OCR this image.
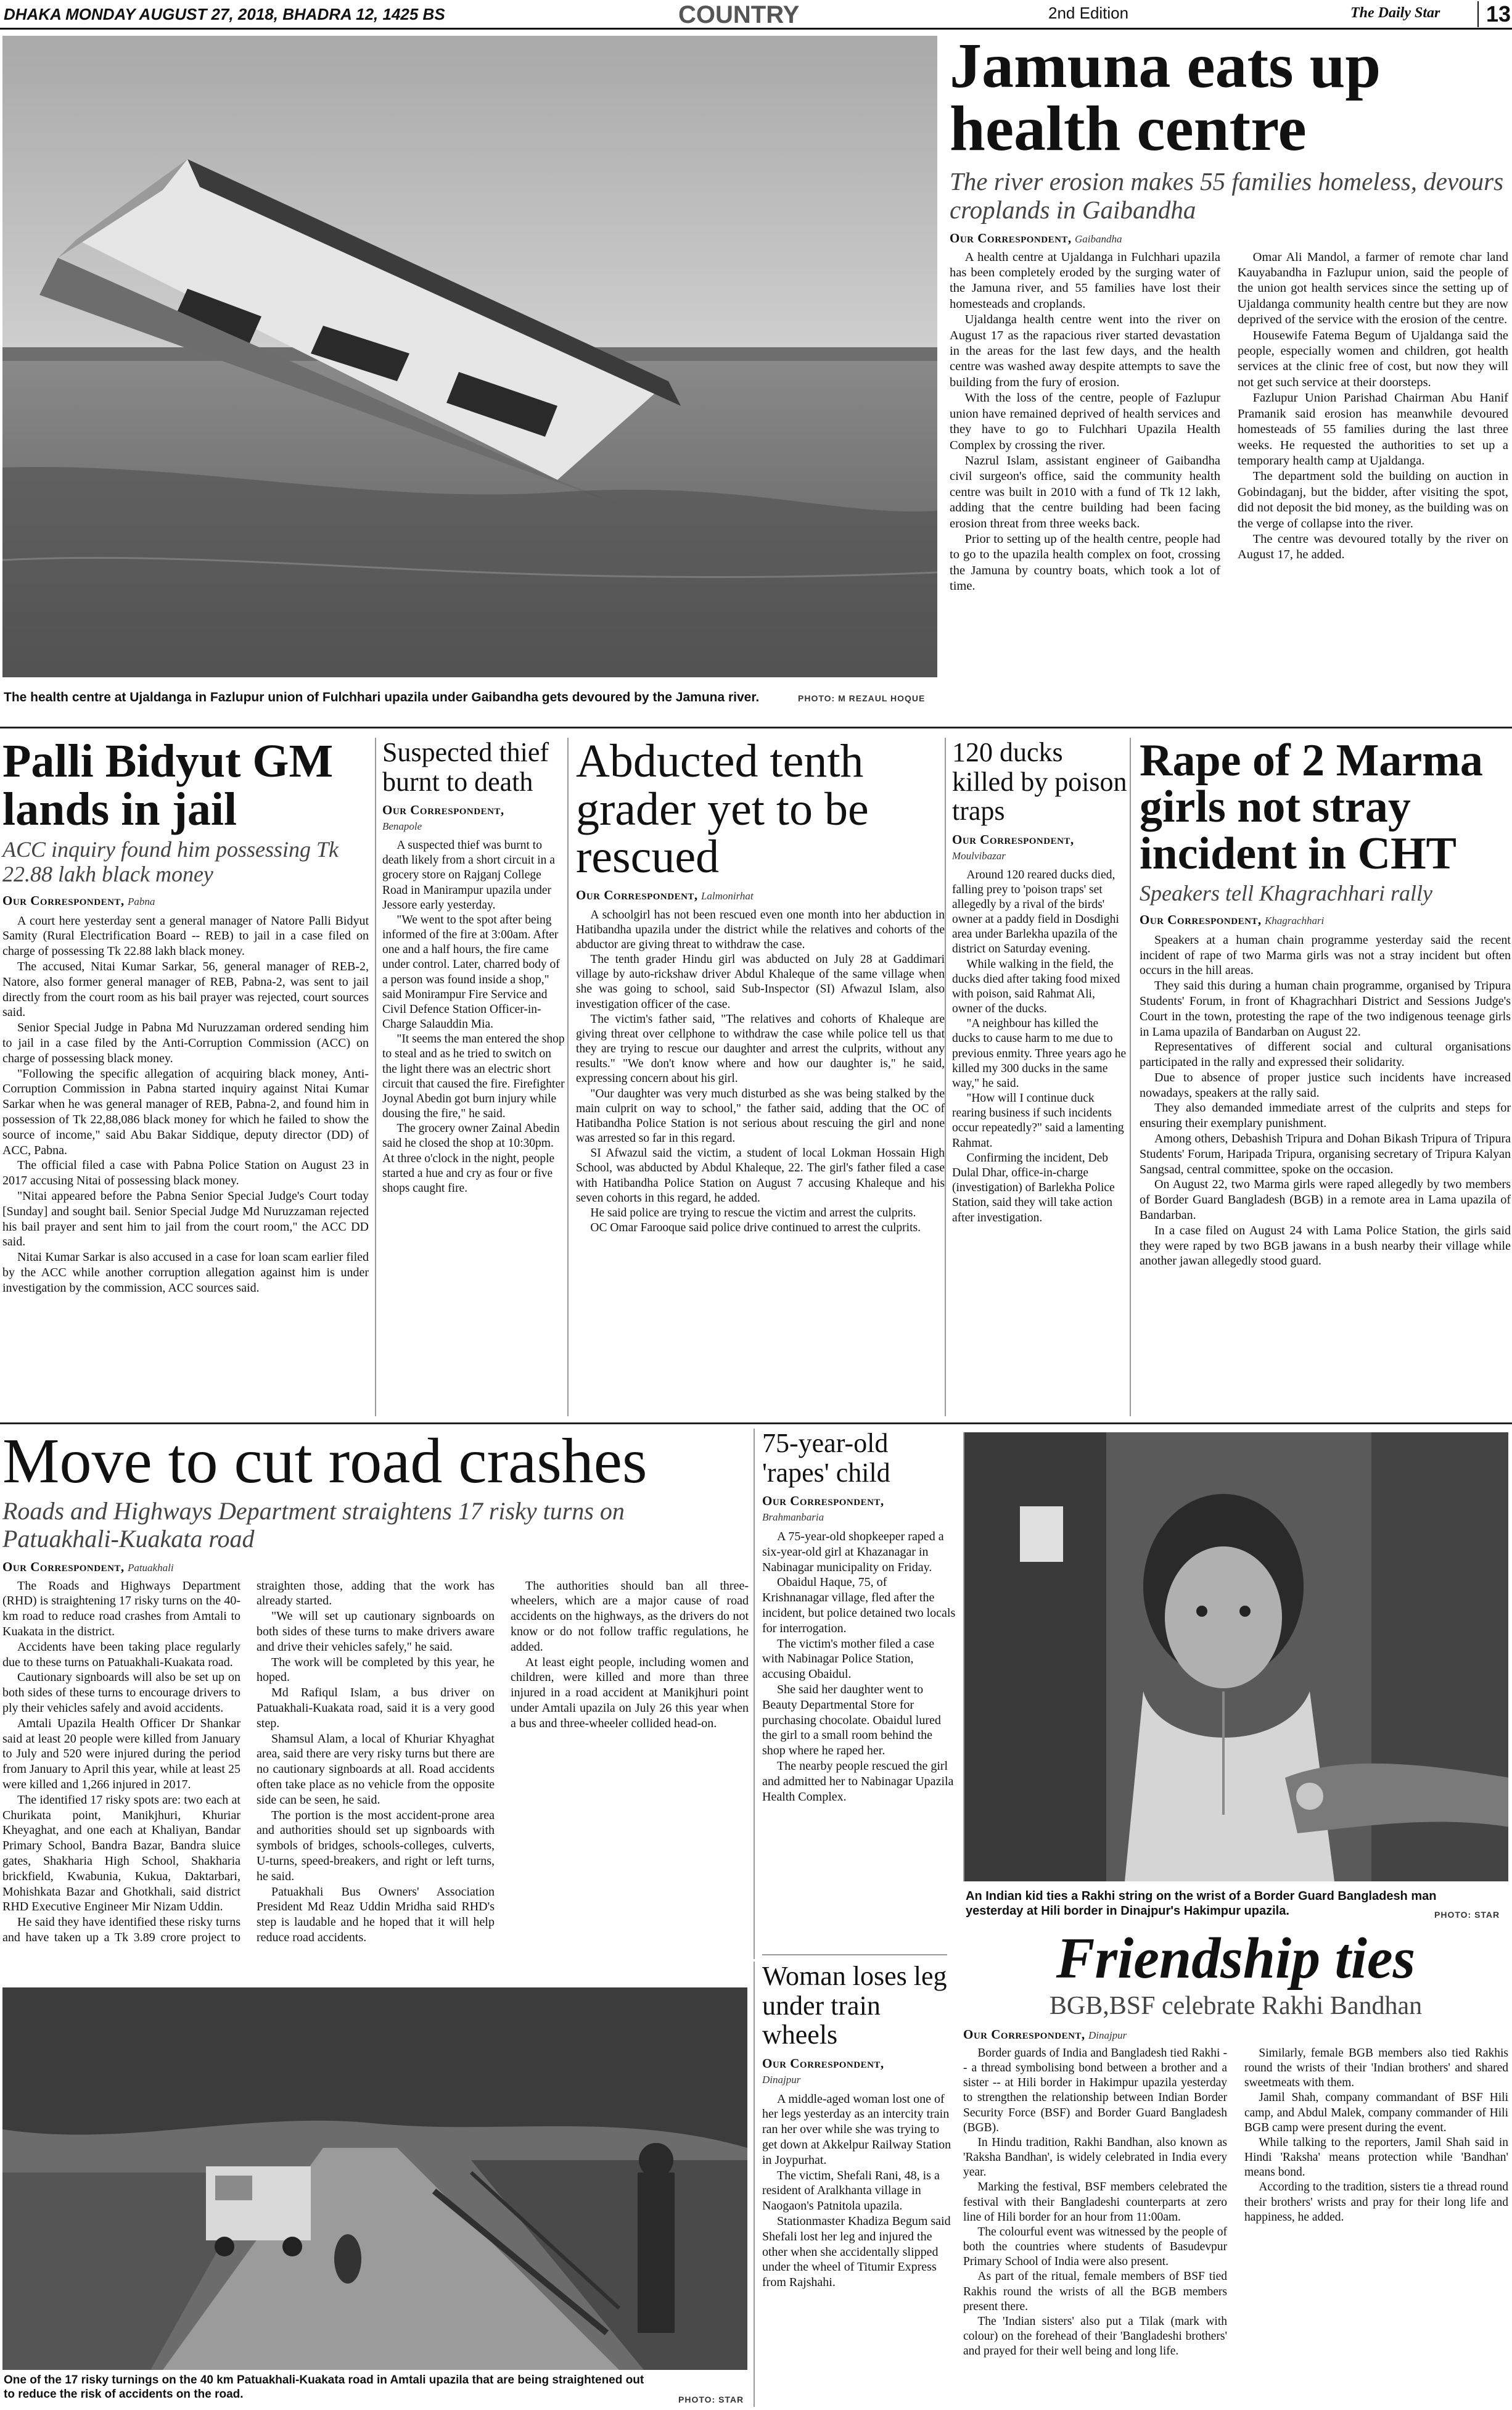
DHAKA MONDAY AUGUST 27, 2018, BHADRA 12, 1425 BS	COUNTRY	2nd Edition	The Daily Star	13
The health centre at Ujaldanga in Fazlupur union of Fulchhari upazila under Gaibandha gets devoured by the Jamuna river.	PHOTO: M REZAUL HOQUE
Jamuna eats up health centre
The river erosion makes 55 families homeless, devours croplands in Gaibandha
Our Correspondent, Gaibandha

A health centre at Ujaldanga in Fulchhari upazila has been completely eroded by the surging water of the Jamuna river, and 55 families have lost their homesteads and croplands.

Ujaldanga health centre went into the river on August 17 as the rapacious river started devastation in the areas for the last few days, and the health centre was washed away despite attempts to save the building from the fury of erosion.

With the loss of the centre, people of Fazlupur union have remained deprived of health services and they have to go to Fulchhari Upazila Health Complex by crossing the river.

Nazrul Islam, assistant engineer of Gaibandha civil surgeon's office, said the community health centre was built in 2010 with a fund of Tk 12 lakh, adding that the centre building had been facing erosion threat from three weeks back.

Prior to setting up of the health centre, people had to go to the upazila health complex on foot, crossing the Jamuna by country boats, which took a lot of time.

Omar Ali Mandol, a farmer of remote char land Kauyabandha in Fazlupur union, said the people of the union got health services since the setting up of Ujaldanga community health centre but they are now deprived of the service with the erosion of the centre.

Housewife Fatema Begum of Ujaldanga said the people, especially women and children, got health services at the clinic free of cost, but now they will not get such service at their doorsteps.

Fazlupur Union Parishad Chairman Abu Hanif Pramanik said erosion has meanwhile devoured homesteads of 55 families during the last three weeks. He requested the authorities to set up a temporary health camp at Ujaldanga.

The department sold the building on auction in Gobindaganj, but the bidder, after visiting the spot, did not deposit the bid money, as the building was on the verge of collapse into the river.

The centre was devoured totally by the river on August 17, he added.

Palli Bidyut GM lands in jail
ACC inquiry found him possessing Tk 22.88 lakh black money
Our Correspondent, Pabna

A court here yesterday sent a general manager of Natore Palli Bidyut Samity (Rural Electrification Board -- REB) to jail in a case filed on charge of possessing Tk 22.88 lakh black money.

The accused, Nitai Kumar Sarkar, 56, general manager of REB-2, Natore, also former general manager of REB, Pabna-2, was sent to jail directly from the court room as his bail prayer was rejected, court sources said.

Senior Special Judge in Pabna Md Nuruzzaman ordered sending him to jail in a case filed by the Anti-Corruption Commission (ACC) on charge of possessing black money.

"Following the specific allegation of acquiring black money, Anti-Corruption Commission in Pabna started inquiry against Nitai Kumar Sarkar when he was general manager of REB, Pabna-2, and found him in possession of Tk 22,88,086 black money for which he failed to show the source of income," said Abu Bakar Siddique, deputy director (DD) of ACC, Pabna.

The official filed a case with Pabna Police Station on August 23 in 2017 accusing Nitai of possessing black money.

"Nitai appeared before the Pabna Senior Special Judge's Court today [Sunday] and sought bail. Senior Special Judge Md Nuruzzaman rejected his bail prayer and sent him to jail from the court room," the ACC DD said.

Nitai Kumar Sarkar is also accused in a case for loan scam earlier filed by the ACC while another corruption allegation against him is under investigation by the commission, ACC sources said.

Suspected thief burnt to death
Our Correspondent,
Benapole

A suspected thief was burnt to death likely from a short circuit in a grocery store on Rajganj College Road in Manirampur upazila under Jessore early yesterday.

"We went to the spot after being informed of the fire at 3:00am. After one and a half hours, the fire came under control. Later, charred body of a person was found inside a shop," said Monirampur Fire Service and Civil Defence Station Officer-in-Charge Salauddin Mia.

"It seems the man entered the shop to steal and as he tried to switch on the light there was an electric short circuit that caused the fire. Firefighter Joynal Abedin got burn injury while dousing the fire," he said.

The grocery owner Zainal Abedin said he closed the shop at 10:30pm. At three o'clock in the night, people started a hue and cry as four or five shops caught fire.

Abducted tenth grader yet to be rescued
Our Correspondent, Lalmonirhat

A schoolgirl has not been rescued even one month into her abduction in Hatibandha upazila under the district while the relatives and cohorts of the abductor are giving threat to withdraw the case.

The tenth grader Hindu girl was abducted on July 28 at Gaddimari village by auto-rickshaw driver Abdul Khaleque of the same village when she was going to school, said Sub-Inspector (SI) Afwazul Islam, also investigation officer of the case.

The victim's father said, "The relatives and cohorts of Khaleque are giving threat over cellphone to withdraw the case while police tell us that they are trying to rescue our daughter and arrest the culprits, without any results." "We don't know where and how our daughter is," he said, expressing concern about his girl.

"Our daughter was very much disturbed as she was being stalked by the main culprit on way to school," the father said, adding that the OC of Hatibandha Police Station is not serious about rescuing the girl and none was arrested so far in this regard.

SI Afwazul said the victim, a student of local Lokman Hossain High School, was abducted by Abdul Khaleque, 22. The girl's father filed a case with Hatibandha Police Station on August 7 accusing Khaleque and his seven cohorts in this regard, he added.

He said police are trying to rescue the victim and arrest the culprits.

OC Omar Farooque said police drive continued to arrest the culprits.

120 ducks killed by poison traps
Our Correspondent,
Moulvibazar

Around 120 reared ducks died, falling prey to 'poison traps' set allegedly by a rival of the birds' owner at a paddy field in Dosdighi area under Barlekha upazila of the district on Saturday evening.

While walking in the field, the ducks died after taking food mixed with poison, said Rahmat Ali, owner of the ducks.

"A neighbour has killed the ducks to cause harm to me due to previous enmity. Three years ago he killed my 300 ducks in the same way," he said.

"How will I continue duck rearing business if such incidents occur repeatedly?" said a lamenting Rahmat.

Confirming the incident, Deb Dulal Dhar, office-in-charge (investigation) of Barlekha Police Station, said they will take action after investigation.

Rape of 2 Marma girls not stray incident in CHT
Speakers tell Khagrachhari rally
Our Correspondent, Khagrachhari

Speakers at a human chain programme yesterday said the recent incident of rape of two Marma girls was not a stray incident but often occurs in the hill areas.

They said this during a human chain programme, organised by Tripura Students' Forum, in front of Khagrachhari District and Sessions Judge's Court in the town, protesting the rape of the two indigenous teenage girls in Lama upazila of Bandarban on August 22.

Representatives of different social and cultural organisations participated in the rally and expressed their solidarity.

Due to absence of proper justice such incidents have increased nowadays, speakers at the rally said.

They also demanded immediate arrest of the culprits and steps for ensuring their exemplary punishment.

Among others, Debashish Tripura and Dohan Bikash Tripura of Tripura Students' Forum, Haripada Tripura, organising secretary of Tripura Kalyan Sangsad, central committee, spoke on the occasion.

On August 22, two Marma girls were raped allegedly by two members of Border Guard Bangladesh (BGB) in a remote area in Lama upazila of Bandarban.

In a case filed on August 24 with Lama Police Station, the girls said they were raped by two BGB jawans in a bush nearby their village while another jawan allegedly stood guard.

Move to cut road crashes
Roads and Highways Department straightens 17 risky turns on Patuakhali-Kuakata road
Our Correspondent, Patuakhali

The Roads and Highways Department (RHD) is straightening 17 risky turns on the 40-km road to reduce road crashes from Amtali to Kuakata in the district.

Accidents have been taking place regularly due to these turns on Patuakhali-Kuakata road.

Cautionary signboards will also be set up on both sides of these turns to encourage drivers to ply their vehicles safely and avoid accidents.

Amtali Upazila Health Officer Dr Shankar said at least 20 people were killed from January to July and 520 were injured during the period from January to April this year, while at least 25 were killed and 1,266 injured in 2017.

The identified 17 risky spots are: two each at Churikata point, Manikjhuri, Khuriar Kheyaghat, and one each at Khaliyan, Bandar Primary School, Bandra Bazar, Bandra sluice gates, Shakharia High School, Shakharia brickfield, Kwabunia, Kukua, Daktarbari, Mohishkata Bazar and Ghotkhali, said district RHD Executive Engineer Mir Nizam Uddin.

He said they have identified these risky turns and have taken up a Tk 3.89 crore project to straighten those, adding that the work has already started.

"We will set up cautionary signboards on both sides of these turns to make drivers aware and drive their vehicles safely," he said.

The work will be completed by this year, he hoped.

Md Rafiqul Islam, a bus driver on Patuakhali-Kuakata road, said it is a very good step.

Shamsul Alam, a local of Khuriar Khyaghat area, said there are very risky turns but there are no cautionary signboards at all. Road accidents often take place as no vehicle from the opposite side can be seen, he said.

The portion is the most accident-prone area and authorities should set up signboards with symbols of bridges, schools-colleges, culverts, U-turns, speed-breakers, and right or left turns, he said.

Patuakhali Bus Owners' Association President Md Reaz Uddin Mridha said RHD's step is laudable and he hoped that it will help reduce road accidents.

The authorities should ban all three-wheelers, which are a major cause of road accidents on the highways, as the drivers do not know or do not follow traffic regulations, he added.

At least eight people, including women and children, were killed and more than three injured in a road accident at Manikjhuri point under Amtali upazila on July 26 this year when a bus and three-wheeler collided head-on.

One of the 17 risky turnings on the 40 km Patuakhali-Kuakata road in Amtali upazila that are being straightened out to reduce the risk of accidents on the road.	PHOTO: STAR
75-year-old 'rapes' child
Our Correspondent,
Brahmanbaria

A 75-year-old shopkeeper raped a six-year-old girl at Khazanagar in Nabinagar municipality on Friday.

Obaidul Haque, 75, of Krishnanagar village, fled after the incident, but police detained two locals for interrogation.

The victim's mother filed a case with Nabinagar Police Station, accusing Obaidul.

She said her daughter went to Beauty Departmental Store for purchasing chocolate. Obaidul lured the girl to a small room behind the shop where he raped her.

The nearby people rescued the girl and admitted her to Nabinagar Upazila Health Complex.

Woman loses leg under train wheels
Our Correspondent,
Dinajpur

A middle-aged woman lost one of her legs yesterday as an intercity train ran her over while she was trying to get down at Akkelpur Railway Station in Joypurhat.

The victim, Shefali Rani, 48, is a resident of Aralkhanta village in Naogaon's Patnitola upazila.

Stationmaster Khadiza Begum said Shefali lost her leg and injured the other when she accidentally slipped under the wheel of Titumir Express from Rajshahi.

An Indian kid ties a Rakhi string on the wrist of a Border Guard Bangladesh man yesterday at Hili border in Dinajpur's Hakimpur upazila.	PHOTO: STAR
Friendship ties
BGB,BSF celebrate Rakhi Bandhan
Our Correspondent, Dinajpur

Border guards of India and Bangladesh tied Rakhi -- a thread symbolising bond between a brother and a sister -- at Hili border in Hakimpur upazila yesterday to strengthen the relationship between Indian Border Security Force (BSF) and Border Guard Bangladesh (BGB).

In Hindu tradition, Rakhi Bandhan, also known as 'Raksha Bandhan', is widely celebrated in India every year.

Marking the festival, BSF members celebrated the festival with their Bangladeshi counterparts at zero line of Hili border for an hour from 11:00am.

The colourful event was witnessed by the people of both the countries where students of Basudevpur Primary School of India were also present.

As part of the ritual, female members of BSF tied Rakhis round the wrists of all the BGB members present there.

The 'Indian sisters' also put a Tilak (mark with colour) on the forehead of their 'Bangladeshi brothers' and prayed for their well being and long life.

Similarly, female BGB members also tied Rakhis round the wrists of their 'Indian brothers' and shared sweetmeats with them.

Jamil Shah, company commandant of BSF Hili camp, and Abdul Malek, company commander of Hili BGB camp were present during the event.

While talking to the reporters, Jamil Shah said in Hindi 'Raksha' means protection while 'Bandhan' means bond.

According to the tradition, sisters tie a thread round their brothers' wrists and pray for their long life and happiness, he added.
